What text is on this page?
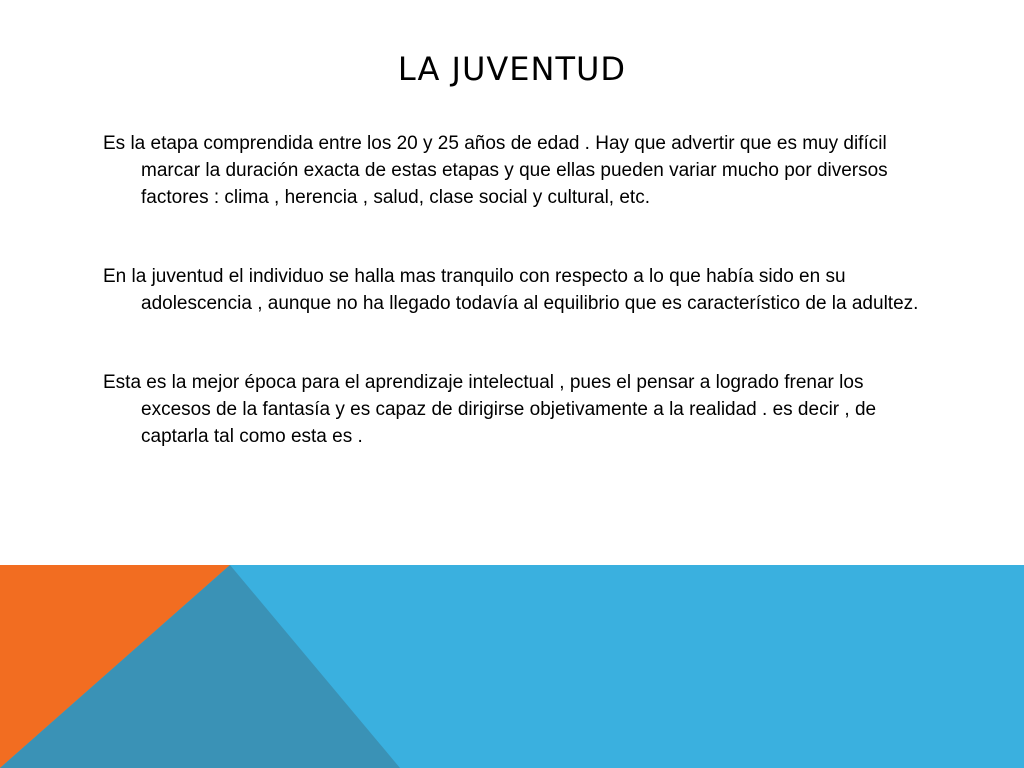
LA JUVENTUD

Es la etapa comprendida entre los 20 y 25 años de edad . Hay que advertir que es muy difícil marcar la duración exacta de estas etapas y que ellas pueden variar mucho por diversos factores : clima , herencia , salud, clase social y cultural, etc.

En la juventud el individuo se halla mas tranquilo con respecto a lo que había sido en su adolescencia , aunque no ha llegado todavía al equilibrio que es característico de la adultez.

Esta es la mejor época para el aprendizaje intelectual , pues el pensar a logrado frenar los excesos de la fantasía y es capaz de dirigirse objetivamente a la realidad . es decir , de captarla tal como esta es .
